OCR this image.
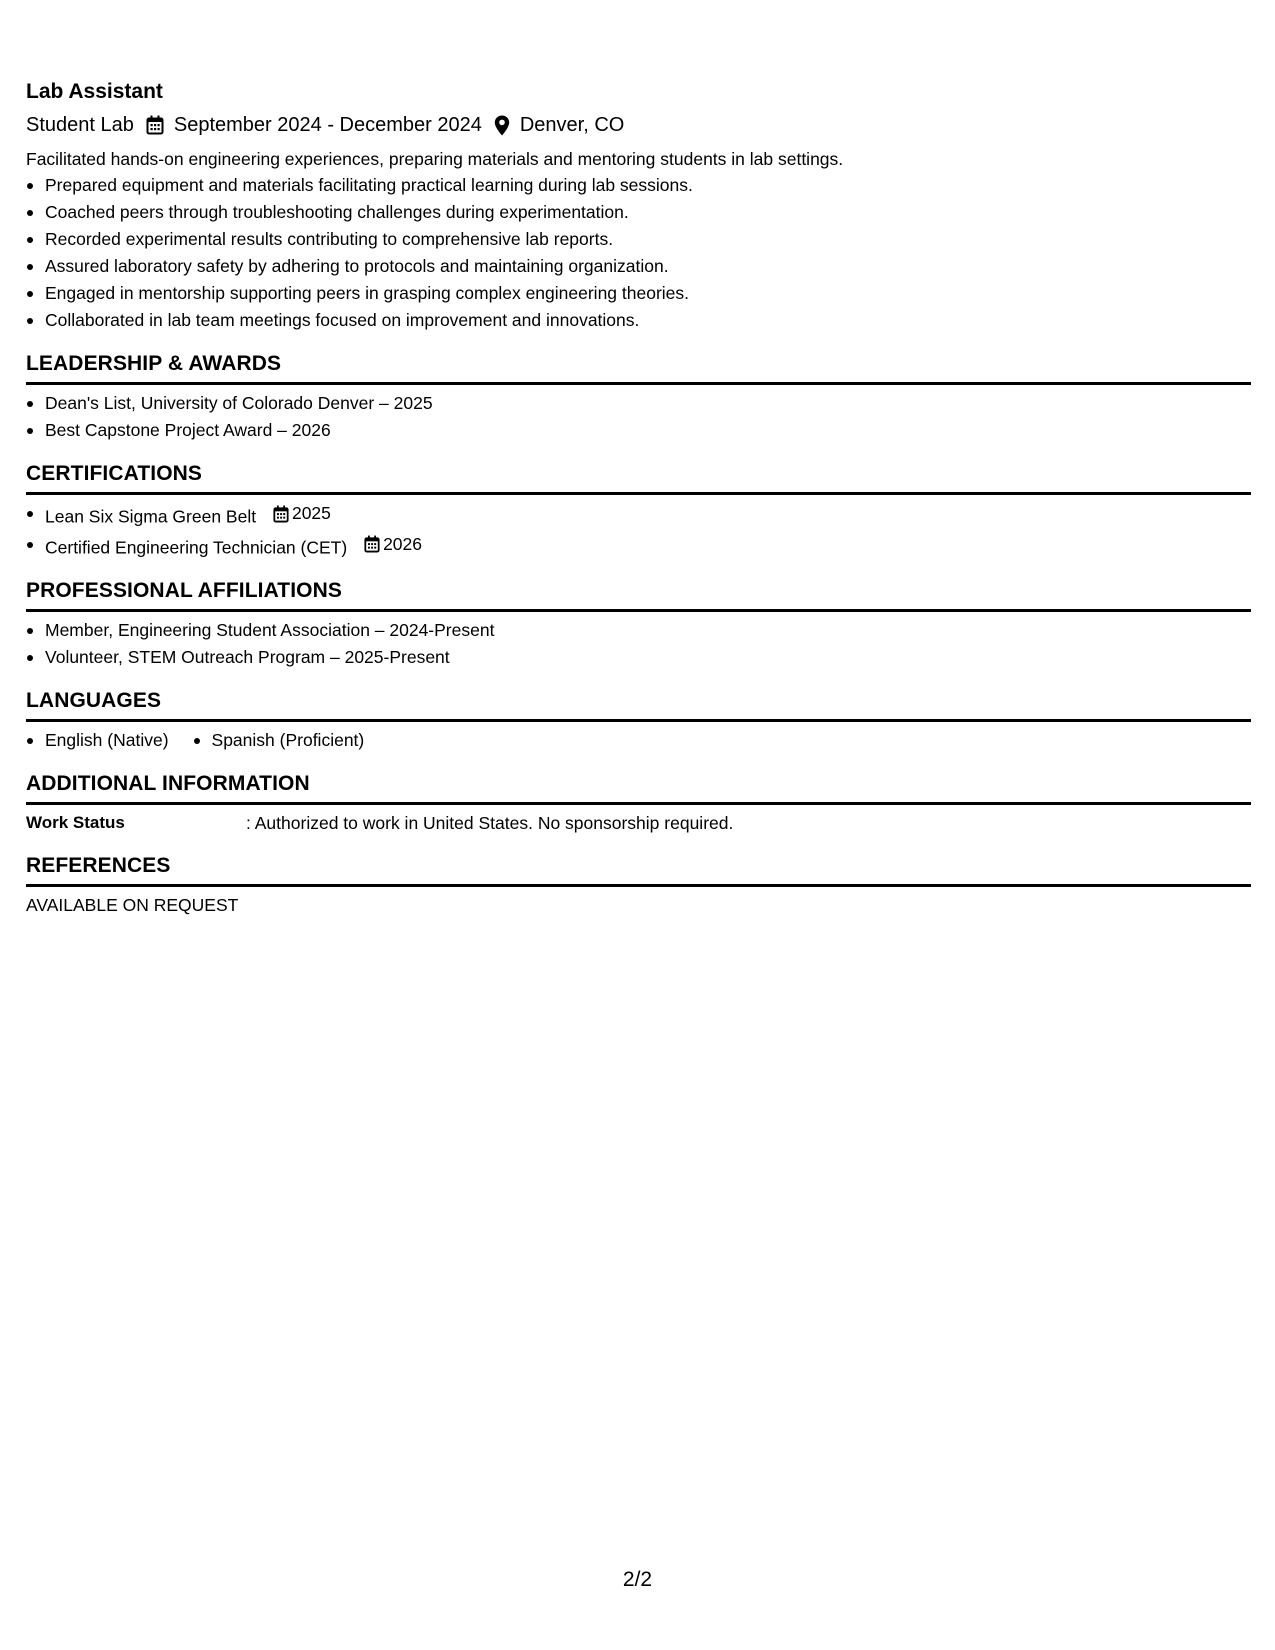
Lab Assistant
Student Lab September 2024 - December 2024 Denver, CO
Facilitated hands-on engineering experiences, preparing materials and mentoring students in lab settings.
Prepared equipment and materials facilitating practical learning during lab sessions.
Coached peers through troubleshooting challenges during experimentation.
Recorded experimental results contributing to comprehensive lab reports.
Assured laboratory safety by adhering to protocols and maintaining organization.
Engaged in mentorship supporting peers in grasping complex engineering theories.
Collaborated in lab team meetings focused on improvement and innovations.
LEADERSHIP & AWARDS
Dean's List, University of Colorado Denver – 2025
Best Capstone Project Award – 2026
CERTIFICATIONS
Lean Six Sigma Green Belt 2025
Certified Engineering Technician (CET) 2026
PROFESSIONAL AFFILIATIONS
Member, Engineering Student Association – 2024-Present
Volunteer, STEM Outreach Program – 2025-Present
LANGUAGES
English (Native)	Spanish (Proficient)
ADDITIONAL INFORMATION
Work Status	: Authorized to work in United States. No sponsorship required.
REFERENCES
AVAILABLE ON REQUEST
2/2
